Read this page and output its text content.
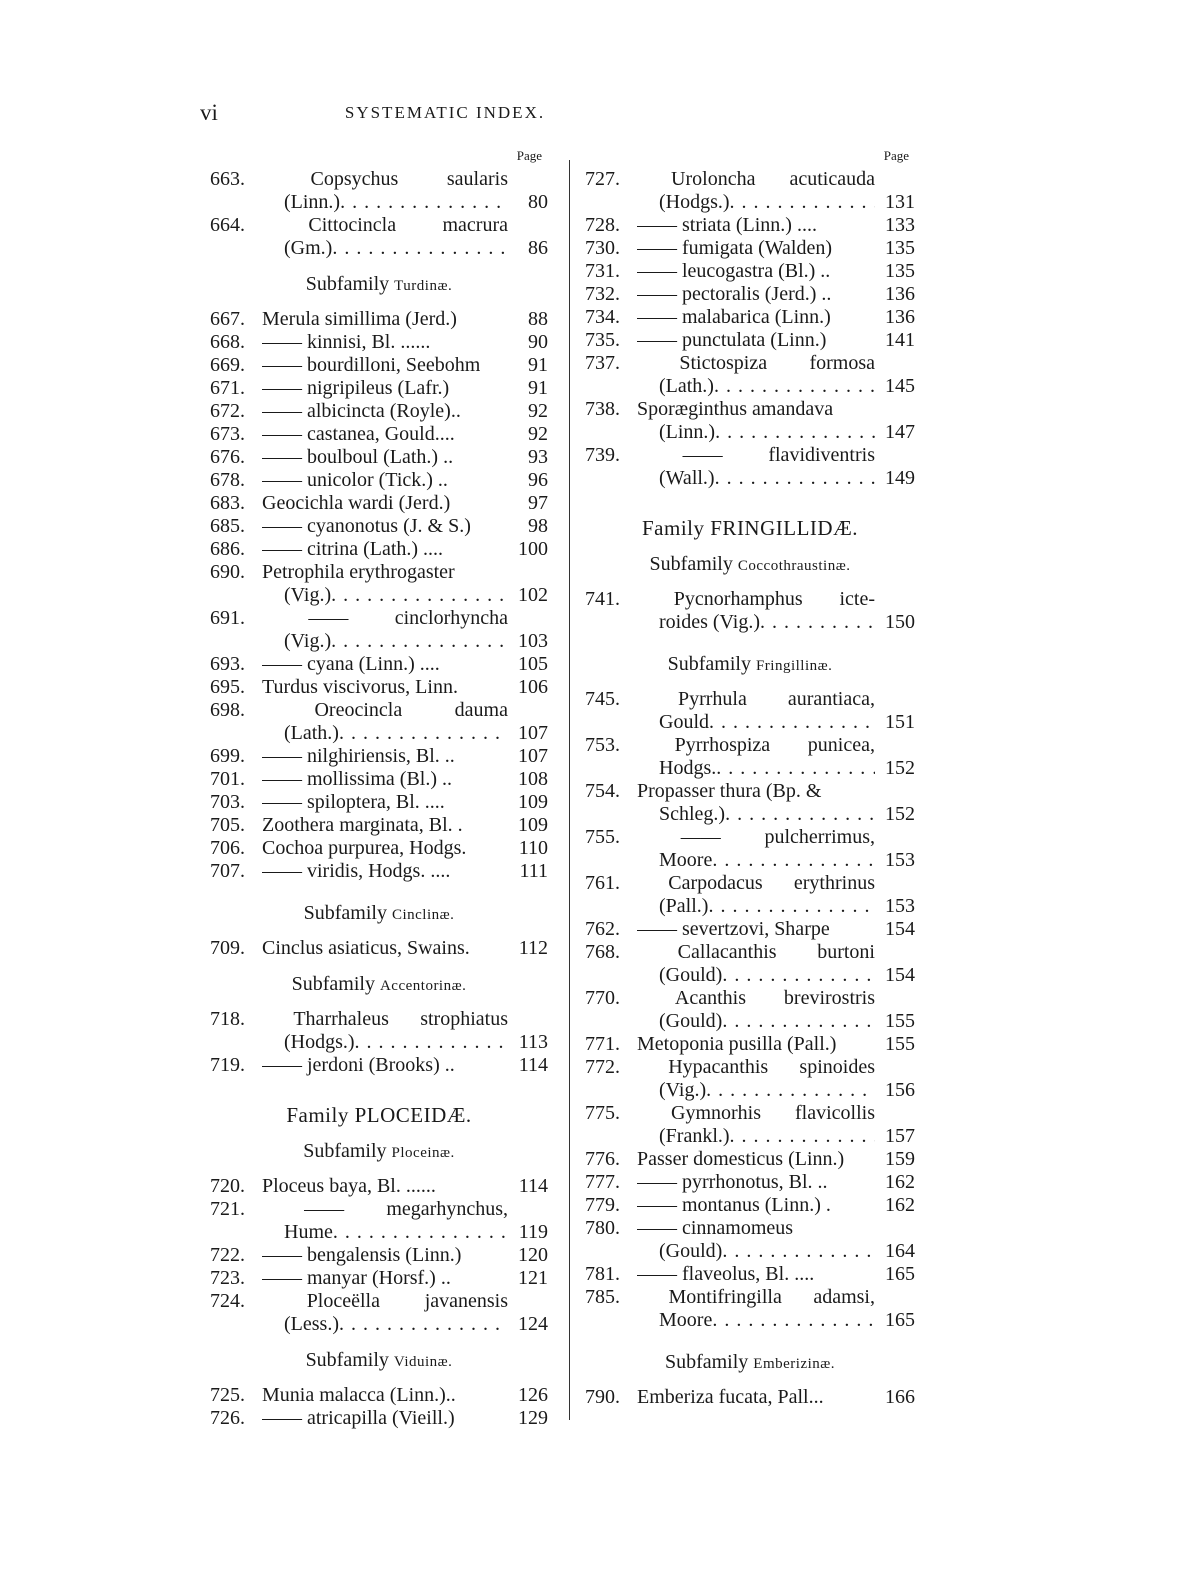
vi	SYSTEMATIC INDEX.
Page
663.	Copsychus saularis
(Linn.) . . .	80
664.	Cittocincla macrura
(Gm.) . . .	86
Subfamily Turdinæ.
667. Merula simillima (Jerd.)	88
668. —— kinnisi, Bl. ......	90
669. —— bourdilloni, Seebohm	91
671. —— nigripileus (Lafr.)	91
672. —— albicincta (Royle)..	92
673. —— castanea, Gould....	92
676. —— boulboul (Lath.) ..	93
678. —— unicolor (Tick.) ..	96
683. Geocichla wardi (Jerd.)	97
685. —— cyanonotus (J. & S.)	98
686. —— citrina (Lath.) ....	100
690. Petrophila erythrogaster
(Vig.) . . .	102
691.	—— cinclorhyncha
(Vig.) . . .	103
693. —— cyana (Linn.) ....	105
695. Turdus viscivorus, Linn.	106
698.	Oreocincla	dauma
(Lath.) . . .	107
699. —— nilghiriensis, Bl. ..	107
701. —— mollissima (Bl.) ..	108
703. —— spiloptera, Bl. ....	109
705. Zoothera marginata, Bl. .	109
706. Cochoa purpurea, Hodgs.	110
707. —— viridis, Hodgs. ....	111
Subfamily Cinclinæ.
709. Cinclus asiaticus, Swains.	112
Subfamily Accentorinæ.
718.	Tharrhaleus strophiatus
(Hodgs.) . . .	113
719. —— jerdoni (Brooks) ..	114
Family PLOCEIDÆ.
Subfamily Ploceinæ.
720. Ploceus baya, Bl. ......	114
721.	—— megarhynchus,
Hume . . .	119
722. —— bengalensis (Linn.)	120
723. —— manyar (Horsf.) ..	121
724.	Ploceëlla javanensis
(Less.) . . .	124
Subfamily Viduinæ.
725. Munia malacca (Linn.)..	126
726. —— atricapilla (Vieill.)	129
Page
727.	Uroloncha acuticauda
(Hodgs.) . . .	131
728. —— striata (Linn.) ....	133
730. —— fumigata (Walden)	135
731. —— leucogastra (Bl.) ..	135
732. —— pectoralis (Jerd.) ..	136
734. —— malabarica (Linn.)	136
735. —— punctulata (Linn.)	141
737.	Stictospiza formosa
(Lath.) . . .	145
738. Sporæginthus amandava
(Linn.) . . .	147
739.	—— flavidiventris
(Wall.) . . .	149
Family FRINGILLIDÆ.
Subfamily Coccothraustinæ.
741.	Pycnorhamphus icte-
roides (Vig.) . . .	150
Subfamily Fringillinæ.
745.	Pyrrhula aurantiaca,
Gould . . .	151
753.	Pyrrhospiza punicea,
Hodgs. . . .	152
754. Propasser thura (Bp. &
Schleg.) . . .	152
755.	—— pulcherrimus,
Moore . . .	153
761.	Carpodacus erythrinus
(Pall.) . . .	153
762. —— severtzovi, Sharpe	154
768.	Callacanthis burtoni
(Gould) . . .	154
770.	Acanthis brevirostris
(Gould) . . .	155
771. Metoponia pusilla (Pall.)	155
772.	Hypacanthis spinoides
(Vig.) . . .	156
775.	Gymnorhis flavicollis
(Frankl.) . . .	157
776. Passer domesticus (Linn.)	159
777. —— pyrrhonotus, Bl. ..	162
779. —— montanus (Linn.) .	162
780. —— cinnamomeus
(Gould) . . .	164
781. —— flaveolus, Bl. ....	165
785.	Montifringilla adamsi,
Moore . . .	165
Subfamily Emberizinæ.
790. Emberiza fucata, Pall...	166
